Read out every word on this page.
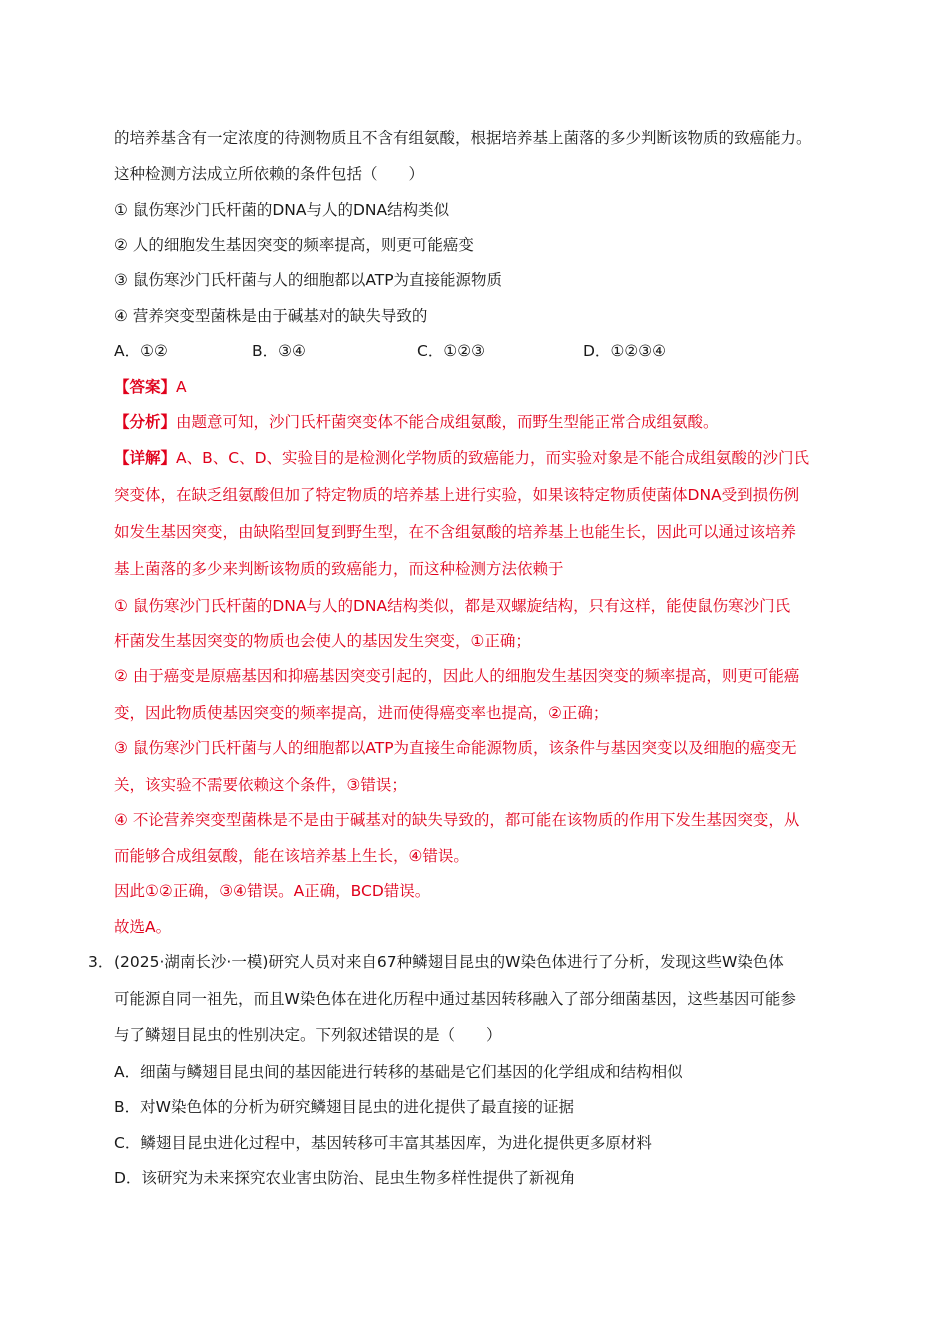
的培养基含有一定浓度的待测物质且不含有组氨酸，根据培养基上菌落的多少判断该物质的致癌能力。
这种检测方法成立所依赖的条件包括（　　）
① 鼠伤寒沙门氏杆菌的DNA与人的DNA结构类似
② 人的细胞发生基因突变的频率提高，则更可能癌变
③ 鼠伤寒沙门氏杆菌与人的细胞都以ATP为直接能源物质
④ 营养突变型菌株是由于碱基对的缺失导致的
A．①②	B．③④	C．①②③	D．①②③④
【答案】A
【分析】由题意可知，沙门氏杆菌突变体不能合成组氨酸，而野生型能正常合成组氨酸。
【详解】A、B、C、D、实验目的是检测化学物质的致癌能力，而实验对象是不能合成组氨酸的沙门氏
突变体，在缺乏组氨酸但加了特定物质的培养基上进行实验，如果该特定物质使菌体DNA受到损伤例
如发生基因突变，由缺陷型回复到野生型，在不含组氨酸的培养基上也能生长，因此可以通过该培养
基上菌落的多少来判断该物质的致癌能力，而这种检测方法依赖于
① 鼠伤寒沙门氏杆菌的DNA与人的DNA结构类似，都是双螺旋结构，只有这样，能使鼠伤寒沙门氏
杆菌发生基因突变的物质也会使人的基因发生突变，①正确；
② 由于癌变是原癌基因和抑癌基因突变引起的，因此人的细胞发生基因突变的频率提高，则更可能癌
变，因此物质使基因突变的频率提高，进而使得癌变率也提高，②正确；
③ 鼠伤寒沙门氏杆菌与人的细胞都以ATP为直接生命能源物质，该条件与基因突变以及细胞的癌变无
关，该实验不需要依赖这个条件，③错误；
④ 不论营养突变型菌株是不是由于碱基对的缺失导致的，都可能在该物质的作用下发生基因突变，从
而能够合成组氨酸，能在该培养基上生长，④错误。
因此①②正确，③④错误。A正确，BCD错误。
故选A。
3． (2025·湖南长沙·一模)研究人员对来自67种鳞翅目昆虫的W染色体进行了分析，发现这些W染色体
可能源自同一祖先，而且W染色体在进化历程中通过基因转移融入了部分细菌基因，这些基因可能参
与了鳞翅目昆虫的性别决定。下列叙述错误的是（　　）
A．细菌与鳞翅目昆虫间的基因能进行转移的基础是它们基因的化学组成和结构相似
B．对W染色体的分析为研究鳞翅目昆虫的进化提供了最直接的证据
C．鳞翅目昆虫进化过程中，基因转移可丰富其基因库，为进化提供更多原材料
D．该研究为未来探究农业害虫防治、昆虫生物多样性提供了新视角
